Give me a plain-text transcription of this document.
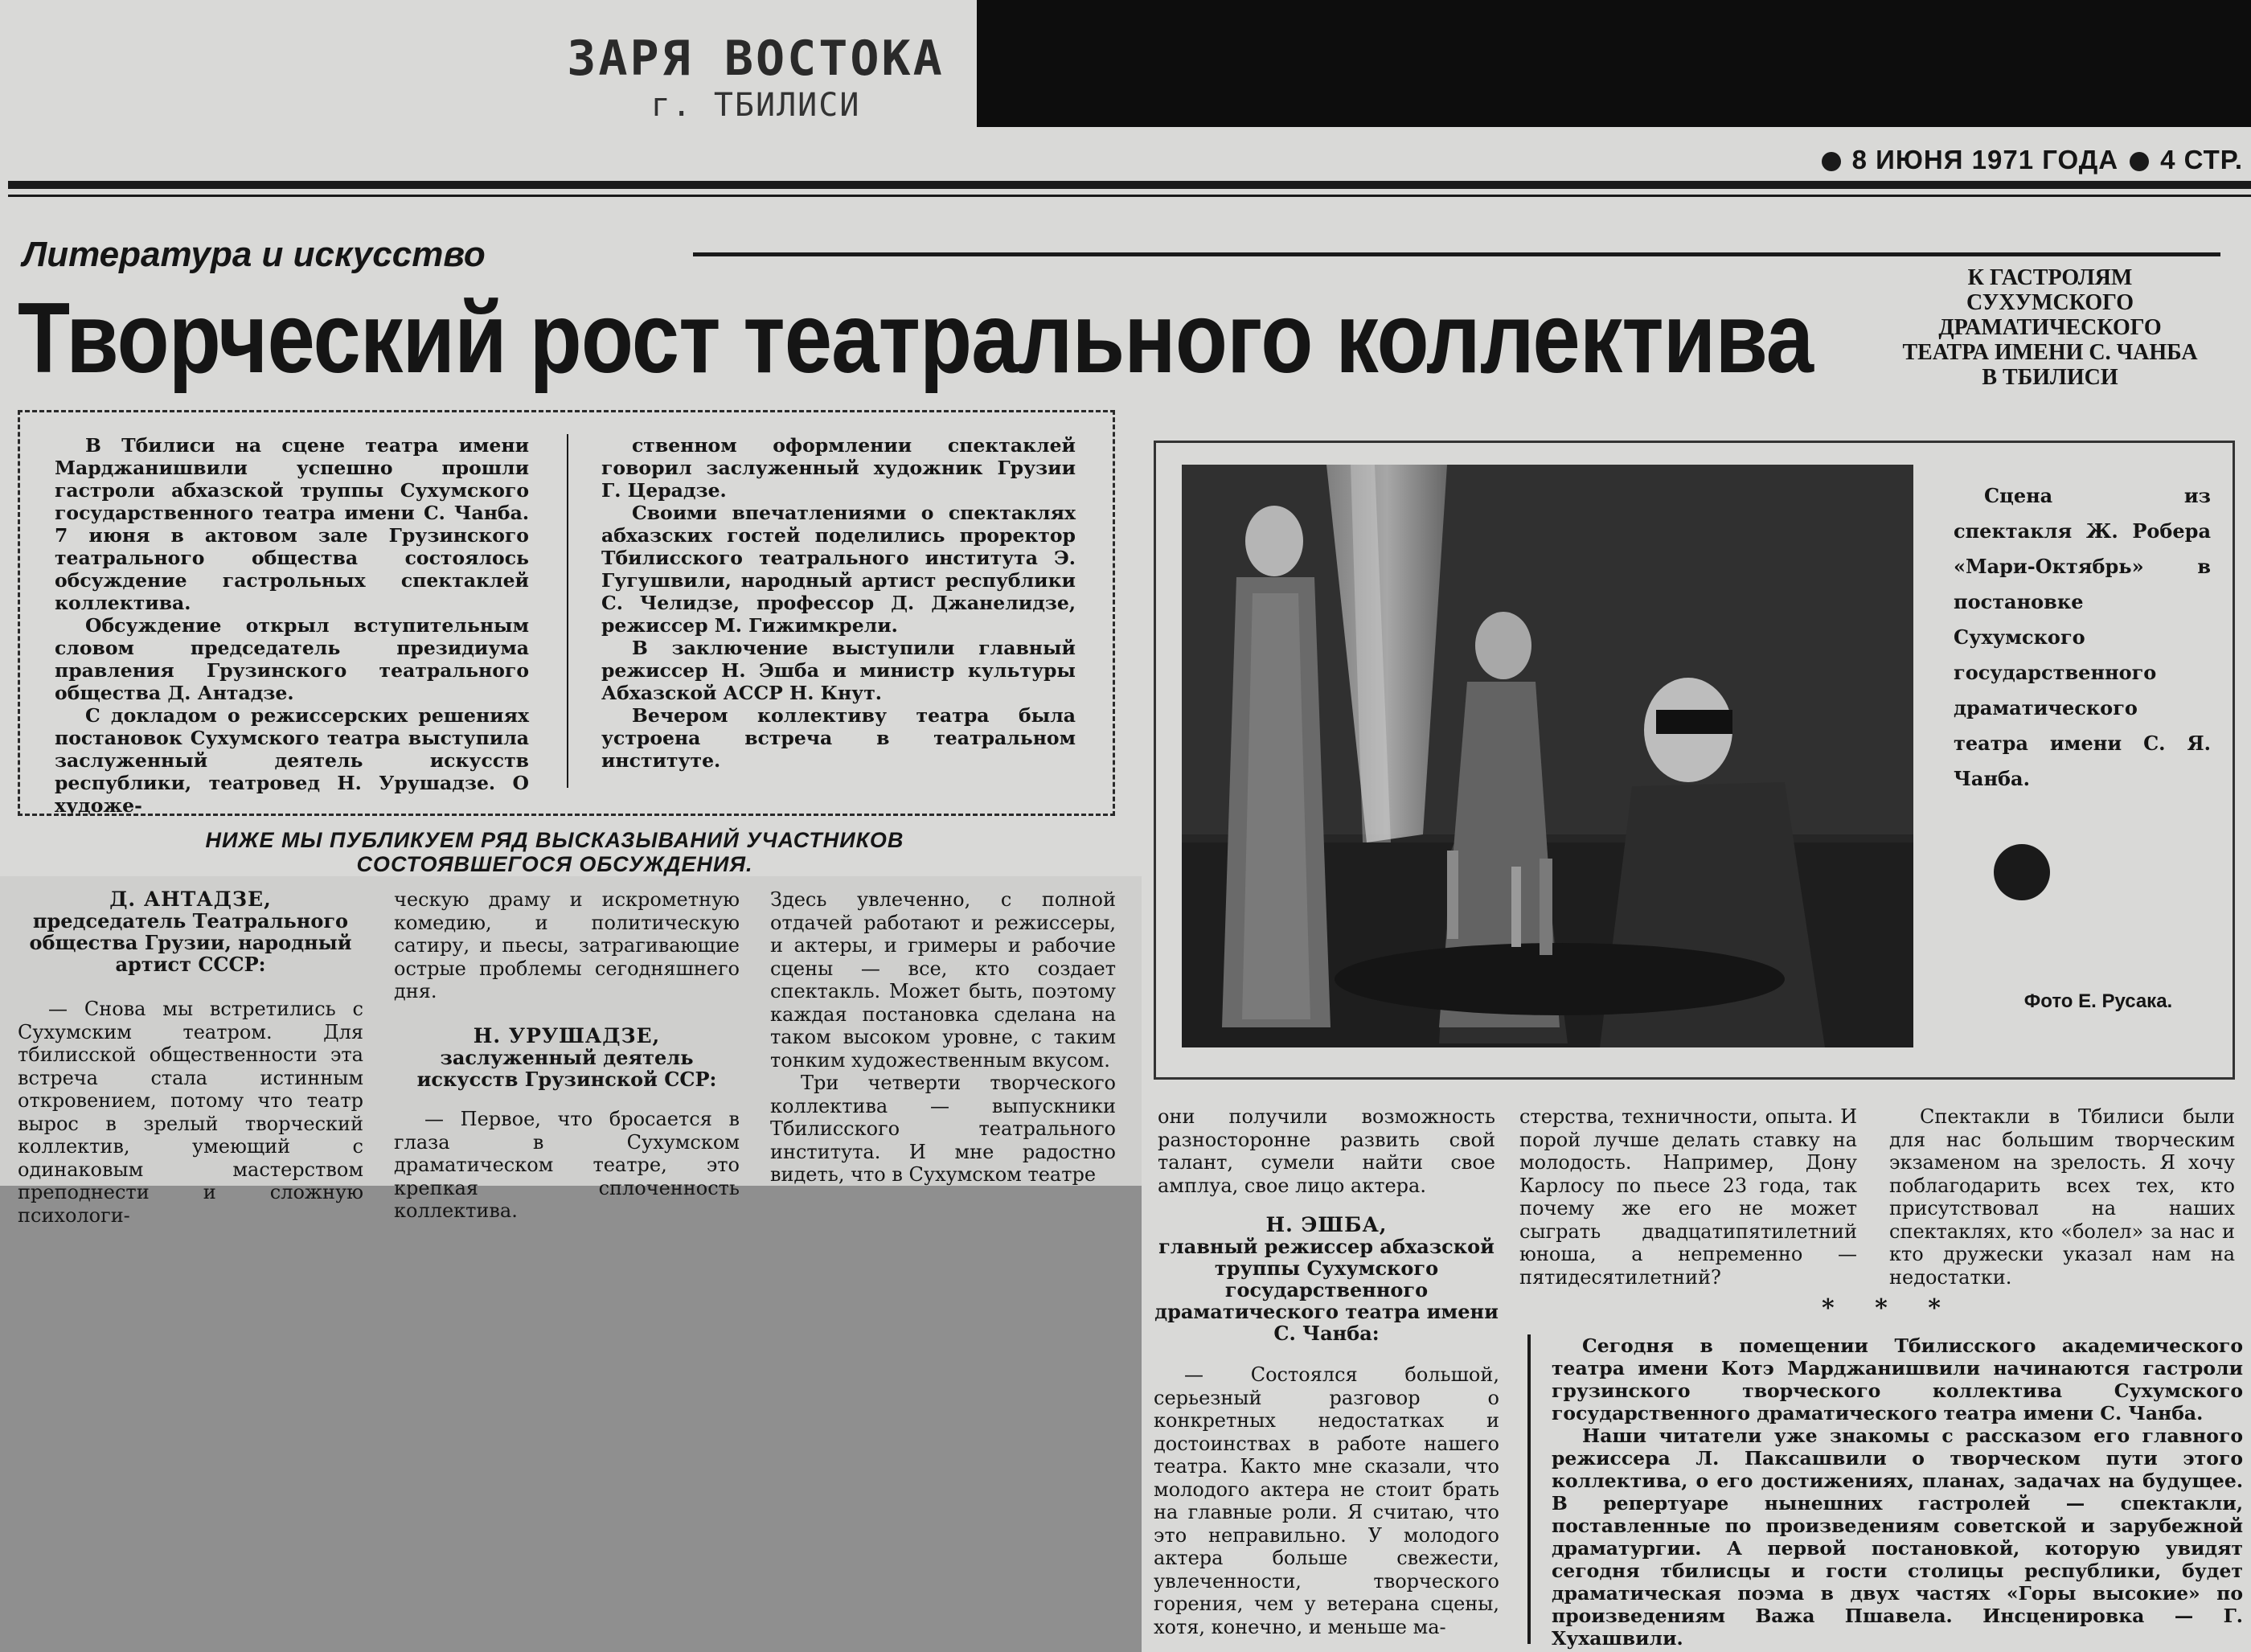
ЗАРЯ ВОСТОКА
г. ТБИЛИСИ
8 ИЮНЯ 1971 ГОДА 4 СТР.
Литература и искусство
Творческий рост театрального коллектива
К ГАСТРОЛЯМ
СУХУМСКОГО
ДРАМАТИЧЕСКОГО
ТЕАТРА ИМЕНИ С. ЧАНБА
В ТБИЛИСИ

В Тбилиси на сцене театра имени Марджанишвили успешно прошли гастроли абхазской труппы Сухумского государственного театра имени С. Чанба. 7 июня в актовом зале Грузинского театрального общества состоялось обсуждение гастрольных спектаклей коллектива.

Обсуждение открыл вступительным словом председатель президиума правления Грузинского театрального общества Д. Антадзе.

С докладом о режиссерских решениях постановок Сухумского театра выступила заслуженный деятель искусств республики, театровед Н. Урушадзе. О художе-

ственном оформлении спектаклей говорил заслуженный художник Грузии Г. Церадзе.

Своими впечатлениями о спектаклях абхазских гостей поделились проректор Тбилисского театрального института Э. Гугушвили, народный артист республики С. Челидзе, профессор Д. Джанелидзе, режиссер М. Гижимкрели.

В заключение выступили главный режиссер Н. Эшба и министр культуры Абхазской АССР Н. Кнут.

Вечером коллективу театра была устроена встреча в театральном институте.

НИЖЕ МЫ ПУБЛИКУЕМ РЯД ВЫСКАЗЫВАНИЙ УЧАСТНИКОВ
СОСТОЯВШЕГОСЯ ОБСУЖДЕНИЯ.
Д. АНТАДЗЕ,
председатель Театрального общества Грузии, народный артист СССР:

— Снова мы встретились с Сухумским театром. Для тбилисской общественности эта встреча стала истинным откровением, потому что театр вырос в зрелый творческий коллектив, умеющий с одинаковым мастерством преподнести и сложную психологи-

ческую драму и искрометную комедию, и политическую сатиру, и пьесы, затрагивающие острые проблемы сегодняшнего дня.

Н. УРУШАДЗЕ,
заслуженный деятель искусств Грузинской ССР:

— Первое, что бросается в глаза в Сухумском драматическом театре, это крепкая сплоченность коллектива.

Здесь увлеченно, с полной отдачей работают и режиссеры, и актеры, и гримеры и рабочие сцены — все, кто создает спектакль. Может быть, поэтому каждая постановка сделана на таком высоком уровне, с таким тонким художественным вкусом.

Три четверти творческого коллектива — выпускники Тбилисского театрального института. И мне радостно видеть, что в Сухумском театре

Сцена из спектакля Ж. Робера «Мари-Октябрь» в постановке Сухумского государственного драматического театра имени С. Я. Чанба.
Фото Е. Русака.

они получили возможность разносторонне развить свой талант, сумели найти свое амплуа, свое лицо актера.

Н. ЭШБА,
главный режиссер абхазской труппы Сухумского государственного драматического театра имени С. Чанба:

— Состоялся большой, серьезный разговор о конкретных недостатках и достоинствах в работе нашего театра. Както мне сказали, что молодого актера не стоит брать на главные роли. Я считаю, что это неправильно. У молодого актера больше свежести, увлеченности, творческого горения, чем у ветерана сцены, хотя, конечно, и меньше ма-

стерства, техничности, опыта. И порой лучше делать ставку на молодость. Например, Дону Карлосу по пьесе 23 года, так почему же его не может сыграть двадцатипятилетний юноша, а непременно — пятидесятилетний?

Спектакли в Тбилиси были для нас большим творческим экзаменом на зрелость. Я хочу поблагодарить всех тех, кто присутствовал на наших спектаклях, кто «болел» за нас и кто дружески указал нам на недостатки.

* * *

Сегодня в помещении Тбилисского академического театра имени Котэ Марджанишвили начинаются гастроли грузинского творческого коллектива Сухумского государственного драматического театра имени С. Чанба.

Наши читатели уже знакомы с рассказом его главного режиссера Л. Паксашвили о творческом пути этого коллектива, о его достижениях, планах, задачах на будущее. В репертуаре нынешних гастролей — спектакли, поставленные по произведениям советской и зарубежной драматургии. А первой постановкой, которую увидят сегодня тбилисцы и гости столицы республики, будет драматическая поэма в двух частях «Горы высокие» по произведениям Важа Пшавела. Инсценировка — Г. Хухашвили.
